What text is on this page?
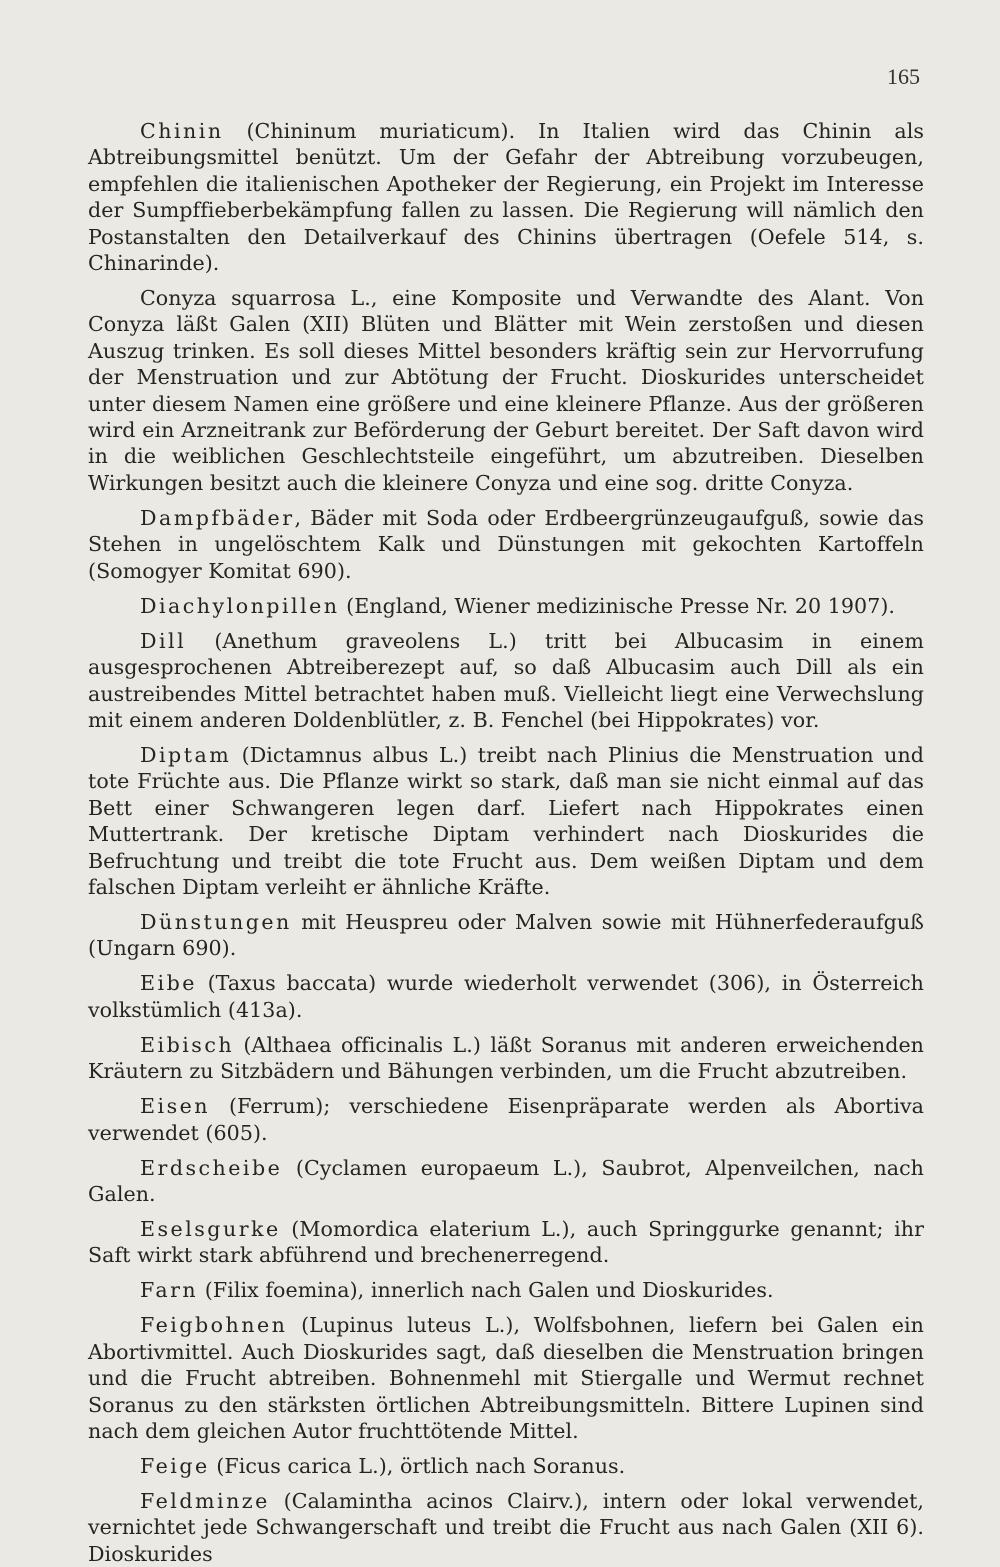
165

Chinin (Chininum muriaticum). In Italien wird das Chinin als Abtreibungsmittel benützt. Um der Gefahr der Abtreibung vorzubeugen, empfehlen die italienischen Apotheker der Regierung, ein Projekt im Interesse der Sumpffieberbekämpfung fallen zu lassen. Die Regierung will nämlich den Postanstalten den Detailverkauf des Chinins übertragen (Oefele 514, s. Chinarinde).

Conyza squarrosa L., eine Komposite und Verwandte des Alant. Von Conyza läßt Galen (XII) Blüten und Blätter mit Wein zerstoßen und diesen Auszug trinken. Es soll dieses Mittel besonders kräftig sein zur Hervorrufung der Menstruation und zur Abtötung der Frucht. Dioskurides unterscheidet unter diesem Namen eine größere und eine kleinere Pflanze. Aus der größeren wird ein Arzneitrank zur Beförderung der Geburt bereitet. Der Saft davon wird in die weiblichen Geschlechtsteile eingeführt, um abzutreiben. Dieselben Wirkungen besitzt auch die kleinere Conyza und eine sog. dritte Conyza.

Dampfbäder, Bäder mit Soda oder Erdbeergrünzeugaufguß, sowie das Stehen in ungelöschtem Kalk und Dünstungen mit gekochten Kartoffeln (Somogyer Komitat 690).

Diachylonpillen (England, Wiener medizinische Presse Nr. 20 1907).

Dill (Anethum graveolens L.) tritt bei Albucasim in einem ausgesprochenen Abtreiberezept auf, so daß Albucasim auch Dill als ein austreibendes Mittel betrachtet haben muß. Vielleicht liegt eine Verwechslung mit einem anderen Doldenblütler, z. B. Fenchel (bei Hippokrates) vor.

Diptam (Dictamnus albus L.) treibt nach Plinius die Menstruation und tote Früchte aus. Die Pflanze wirkt so stark, daß man sie nicht einmal auf das Bett einer Schwangeren legen darf. Liefert nach Hippokrates einen Muttertrank. Der kretische Diptam verhindert nach Dioskurides die Befruchtung und treibt die tote Frucht aus. Dem weißen Diptam und dem falschen Diptam verleiht er ähnliche Kräfte.

Dünstungen mit Heuspreu oder Malven sowie mit Hühnerfederaufguß (Ungarn 690).

Eibe (Taxus baccata) wurde wiederholt verwendet (306), in Österreich volkstümlich (413a).

Eibisch (Althaea officinalis L.) läßt Soranus mit anderen erweichenden Kräutern zu Sitzbädern und Bähungen verbinden, um die Frucht abzutreiben.

Eisen (Ferrum); verschiedene Eisenpräparate werden als Abortiva verwendet (605).

Erdscheibe (Cyclamen europaeum L.), Saubrot, Alpenveilchen, nach Galen.

Eselsgurke (Momordica elaterium L.), auch Springgurke genannt; ihr Saft wirkt stark abführend und brechenerregend.

Farn (Filix foemina), innerlich nach Galen und Dioskurides.

Feigbohnen (Lupinus luteus L.), Wolfsbohnen, liefern bei Galen ein Abortivmittel. Auch Dioskurides sagt, daß dieselben die Menstruation bringen und die Frucht abtreiben. Bohnenmehl mit Stiergalle und Wermut rechnet Soranus zu den stärksten örtlichen Abtreibungsmitteln. Bittere Lupinen sind nach dem gleichen Autor fruchttötende Mittel.

Feige (Ficus carica L.), örtlich nach Soranus.

Feldminze (Calamintha acinos Clairv.), intern oder lokal verwendet, vernichtet jede Schwangerschaft und treibt die Frucht aus nach Galen (XII 6). Dioskurides
